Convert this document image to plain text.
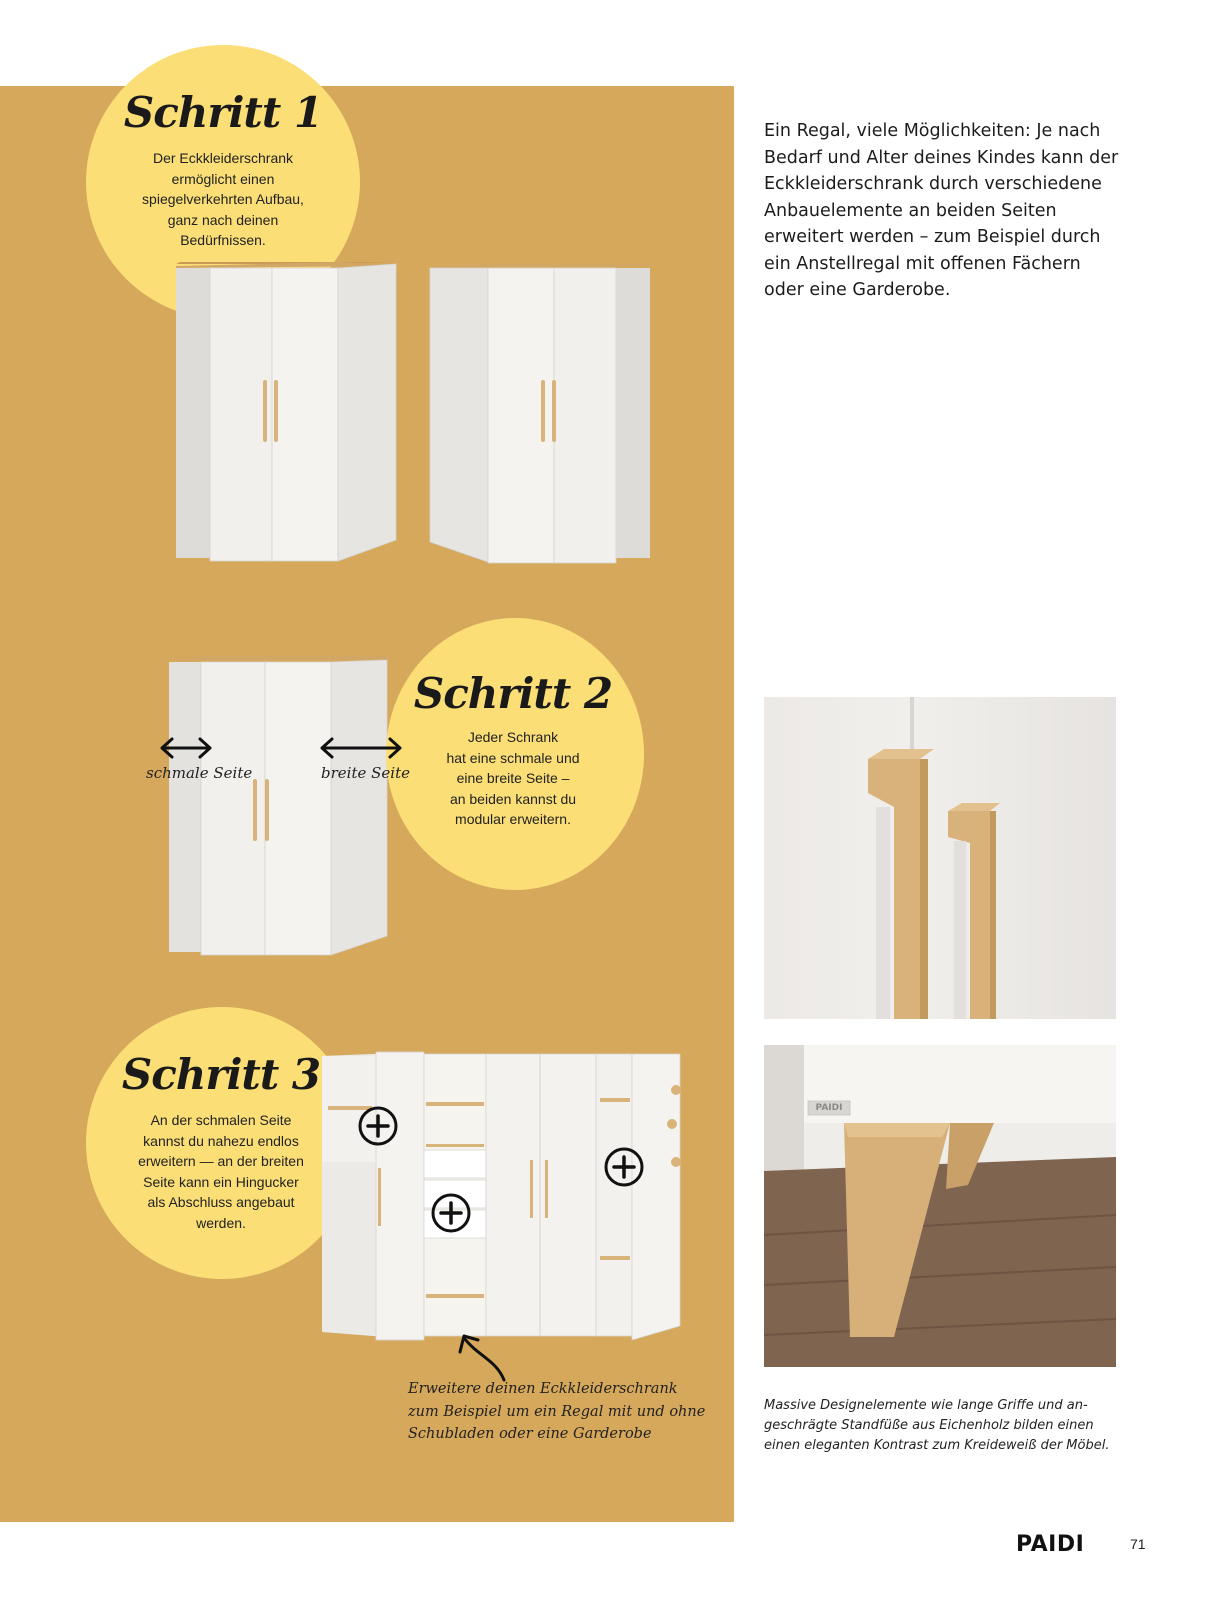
Schritt 1
Der Eckkleiderschrank
ermöglicht einen
spiegelverkehrten Aufbau,
ganz nach deinen
Bedürfnissen.
Schritt 2
Jeder Schrank
hat eine schmale und
eine breite Seite –
an beiden kannst du
modular erweitern.
schmale Seite	breite Seite
Schritt 3
An der schmalen Seite
kannst du nahezu endlos
erweitern — an der breiten
Seite kann ein Hingucker
als Abschluss angebaut
werden.
Erweitere deinen Eckkleiderschrank
zum Beispiel um ein Regal mit und ohne
Schubladen oder eine Garderobe
Ein Regal, viele Möglichkeiten: Je nach
Bedarf und Alter deines Kindes kann der
Eckkleiderschrank durch verschiedene
Anbauelemente an beiden Seiten
erweitert werden – zum Beispiel durch
ein Anstellregal mit offenen Fächern
oder eine Garderobe.
PAIDI
Massive Designelemente wie lange Griffe und an-
geschrägte Standfüße aus Eichenholz bilden einen
einen eleganten Kontrast zum Kreideweiß der Möbel.
PAIDI	71
